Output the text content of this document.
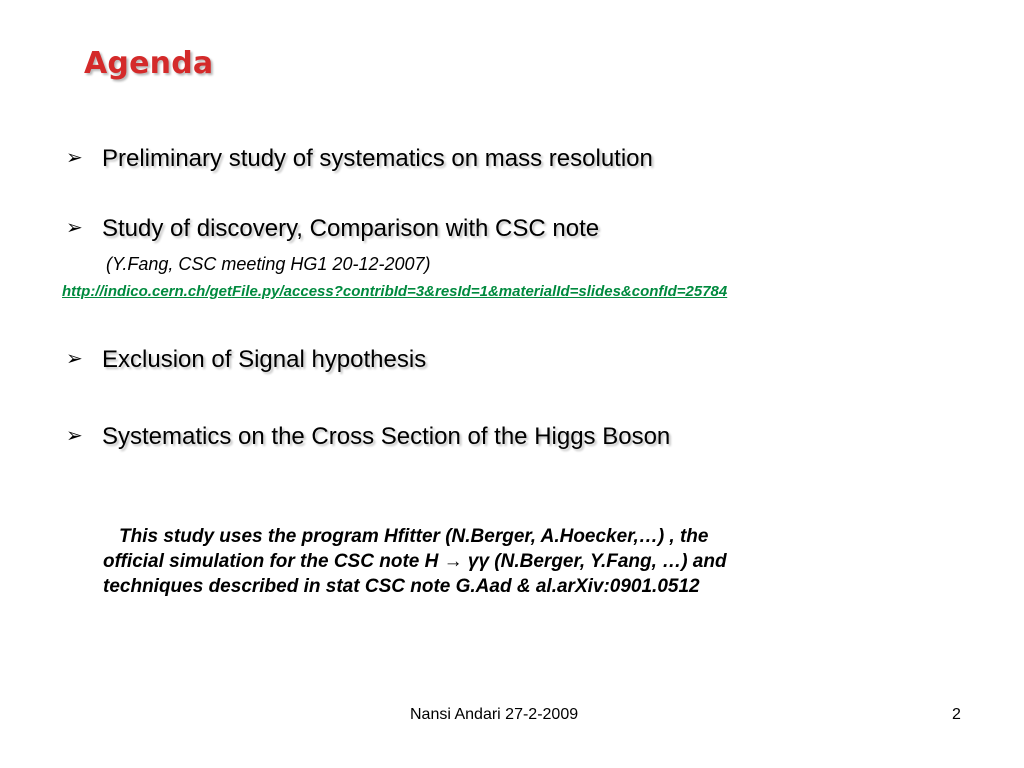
Agenda
➢ Preliminary study of systematics on mass resolution
➢ Study of discovery, Comparison with CSC note
(Y.Fang, CSC meeting HG1 20-12-2007)
http://indico.cern.ch/getFile.py/access?contribId=3&resId=1&materialId=slides&confId=25784
➢ Exclusion of Signal hypothesis
➢ Systematics on the Cross Section of the Higgs Boson
This study uses the program Hfitter (N.Berger, A.Hoecker,…) , the
official simulation for the CSC note H → γγ (N.Berger, Y.Fang, …) and
techniques described in stat CSC note G.Aad & al.arXiv:0901.0512
Nansi Andari 27-2-2009	2
